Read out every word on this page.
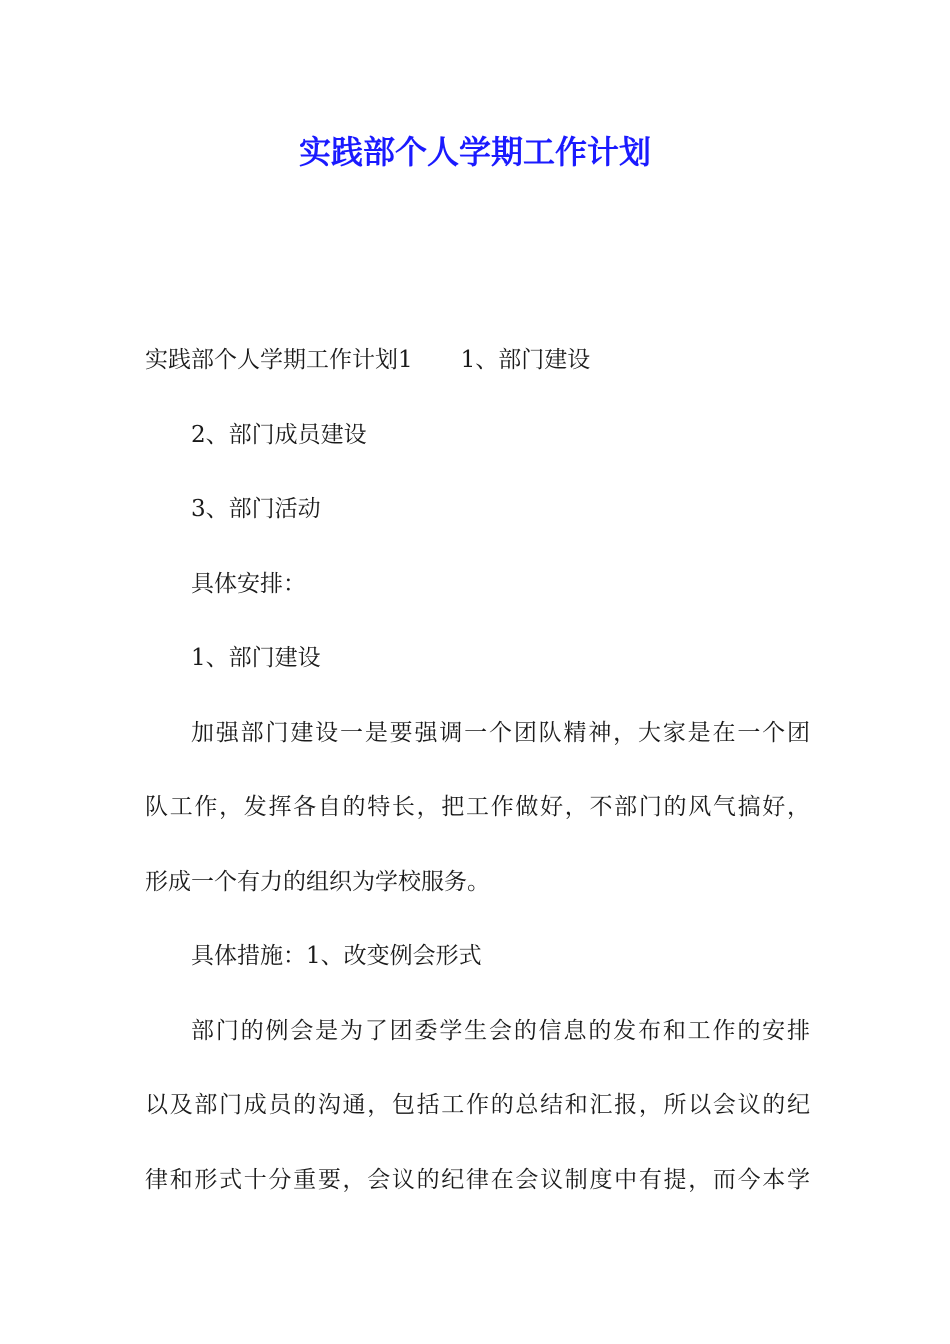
实践部个人学期工作计划

实践部个人学期工作计划1 1、部门建设

2、部门成员建设

3、部门活动

具体安排：

1、部门建设

加强部门建设一是要强调一个团队精神，大家是在一个团

队工作，发挥各自的特长，把工作做好，不部门的风气搞好，

形成一个有力的组织为学校服务。

具体措施：1、改变例会形式

部门的例会是为了团委学生会的信息的发布和工作的安排

以及部门成员的沟通，包括工作的总结和汇报，所以会议的纪

律和形式十分重要，会议的纪律在会议制度中有提，而今本学
